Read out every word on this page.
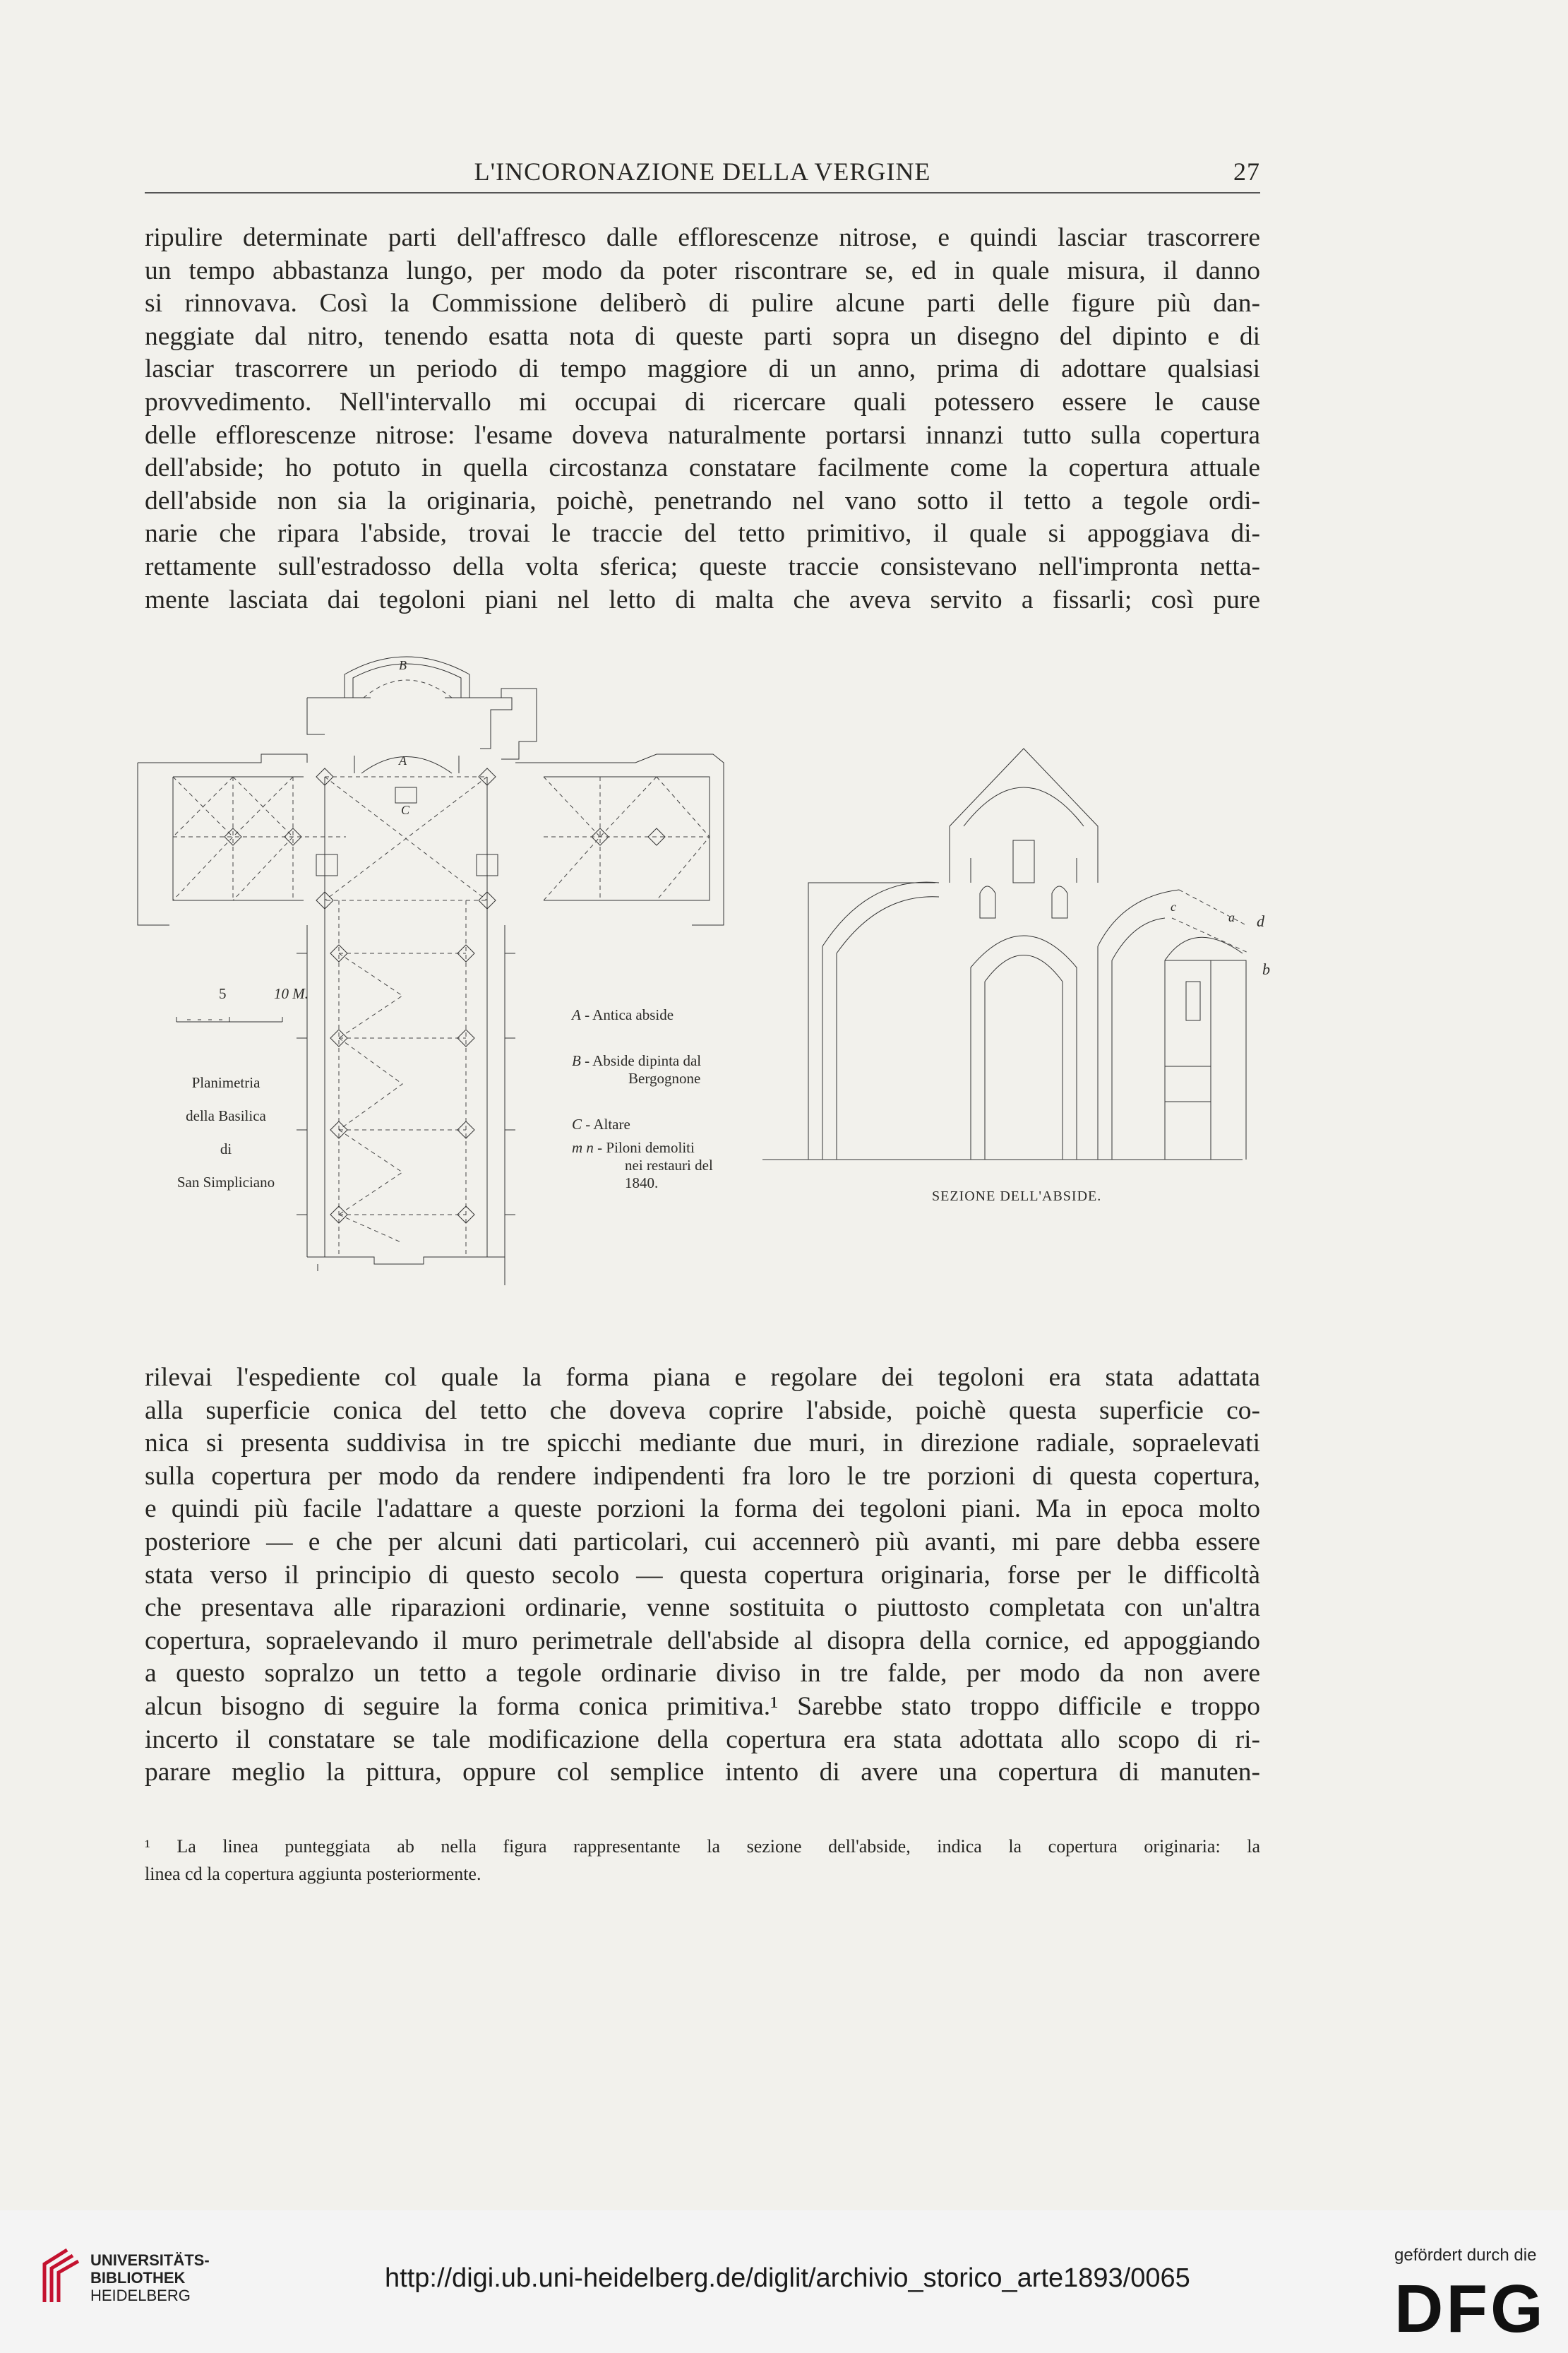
L'INCORONAZIONE DELLA VERGINE	27

ripulire determinate parti dell'affresco dalle efflorescenze nitrose, e quindi lasciar trascorrere
un tempo abbastanza lungo, per modo da poter riscontrare se, ed in quale misura, il danno
si rinnovava. Così la Commissione deliberò di pulire alcune parti delle figure più dan-
neggiate dal nitro, tenendo esatta nota di queste parti sopra un disegno del dipinto e di
lasciar trascorrere un periodo di tempo maggiore di un anno, prima di adottare qualsiasi
provvedimento. Nell'intervallo mi occupai di ricercare quali potessero essere le cause
delle efflorescenze nitrose: l'esame doveva naturalmente portarsi innanzi tutto sulla copertura
dell'abside; ho potuto in quella circostanza constatare facilmente come la copertura attuale
dell'abside non sia la originaria, poichè, penetrando nel vano sotto il tetto a tegole ordi-
narie che ripara l'abside, trovai le traccie del tetto primitivo, il quale si appoggiava di-
rettamente sull'estradosso della volta sferica; queste traccie consistevano nell'impronta netta-
mente lasciata dai tegoloni piani nel letto di malta che aveva servito a fissarli; così pure

5	10 M.
Planimetria
della Basilica
di
San Simpliciano
A - Antica abside
B - Abside dipinta dal
Bergognone
C - Altare
m n - Piloni demoliti
nei restauri del
1840.
B
A
C
SEZIONE DELL'ABSIDE.
c
d
a
b

rilevai l'espediente col quale la forma piana e regolare dei tegoloni era stata adattata
alla superficie conica del tetto che doveva coprire l'abside, poichè questa superficie co-
nica si presenta suddivisa in tre spicchi mediante due muri, in direzione radiale, sopraelevati
sulla copertura per modo da rendere indipendenti fra loro le tre porzioni di questa copertura,
e quindi più facile l'adattare a queste porzioni la forma dei tegoloni piani. Ma in epoca molto
posteriore — e che per alcuni dati particolari, cui accennerò più avanti, mi pare debba essere
stata verso il principio di questo secolo — questa copertura originaria, forse per le difficoltà
che presentava alle riparazioni ordinarie, venne sostituita o piuttosto completata con un'altra
copertura, sopraelevando il muro perimetrale dell'abside al disopra della cornice, ed appoggiando
a questo sopralzo un tetto a tegole ordinarie diviso in tre falde, per modo da non avere
alcun bisogno di seguire la forma conica primitiva.¹ Sarebbe stato troppo difficile e troppo
incerto il constatare se tale modificazione della copertura era stata adottata allo scopo di ri-
parare meglio la pittura, oppure col semplice intento di avere una copertura di manuten-

¹ La linea punteggiata ab nella figura rappresentante la sezione dell'abside, indica la copertura originaria: la
linea cd la copertura aggiunta posteriormente.
UNIVERSITÄTS-
BIBLIOTHEK
HEIDELBERG
http://digi.ub.uni-heidelberg.de/diglit/archivio_storico_arte1893/0065
gefördert durch die
DFG
